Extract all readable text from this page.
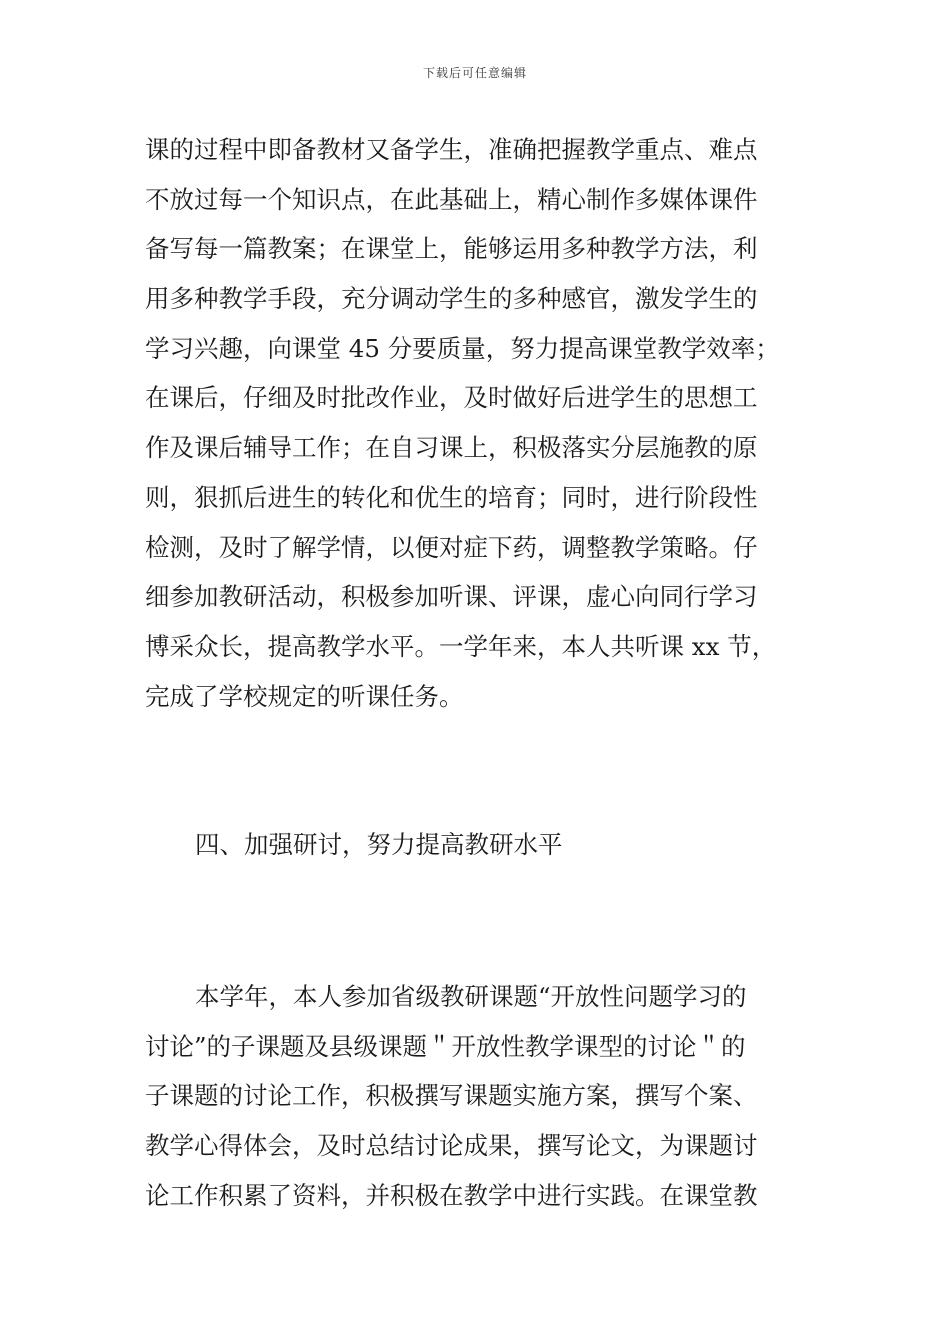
下载后可任意编辑
课的过程中即备教材又备学生，准确把握教学重点、难点
不放过每一个知识点，在此基础上，精心制作多媒体课件
备写每一篇教案；在课堂上，能够运用多种教学方法，利
用多种教学手段，充分调动学生的多种感官，激发学生的
学习兴趣，向课堂 45 分要质量，努力提高课堂教学效率；
在课后，仔细及时批改作业，及时做好后进学生的思想工
作及课后辅导工作；在自习课上，积极落实分层施教的原
则，狠抓后进生的转化和优生的培育；同时，进行阶段性
检测，及时了解学情，以便对症下药，调整教学策略。仔
细参加教研活动，积极参加听课、评课，虚心向同行学习
博采众长，提高教学水平。一学年来，本人共听课 xx 节，
完成了学校规定的听课任务。
四、加强研讨，努力提高教研水平
本学年，本人参加省级教研课题“开放性问题学习的
讨论”的子课题及县级课题＂开放性教学课型的讨论＂的
子课题的讨论工作，积极撰写课题实施方案，撰写个案、
教学心得体会，及时总结讨论成果，撰写论文，为课题讨
论工作积累了资料，并积极在教学中进行实践。在课堂教
